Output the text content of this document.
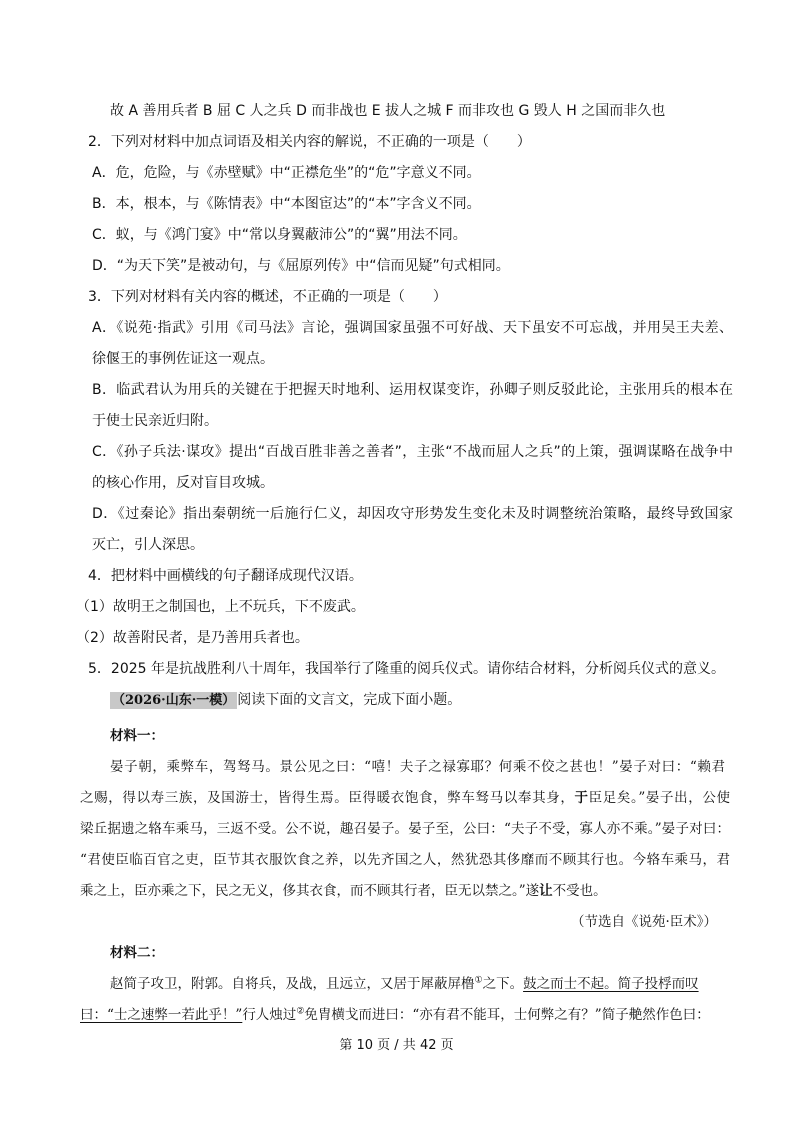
故 A 善用兵者 B 屈 C 人之兵 D 而非战也 E 拔人之城 F 而非攻也 G 毁人 H 之国而非久也
2．下列对材料中加点词语及相关内容的解说，不正确的一项是（　　）
A．危，危险，与《赤壁赋》中“正襟危坐”的“危”字意义不同。
B．本，根本，与《陈情表》中“本图宦达”的“本”字含义不同。
C．蚁，与《鸿门宴》中“常以身翼蔽沛公”的“翼”用法不同。
D．“为天下笑”是被动句，与《屈原列传》中“信而见疑”句式相同。
3．下列对材料有关内容的概述，不正确的一项是（　　）
A．《说苑·指武》引用《司马法》言论，强调国家虽强不可好战、天下虽安不可忘战，并用吴王夫差、
徐偃王的事例佐证这一观点。
B．临武君认为用兵的关键在于把握天时地利、运用权谋变诈，孙卿子则反驳此论，主张用兵的根本在
于使士民亲近归附。
C．《孙子兵法·谋攻》提出“百战百胜非善之善者”，主张“不战而屈人之兵”的上策，强调谋略在战争中
的核心作用，反对盲目攻城。
D．《过秦论》指出秦朝统一后施行仁义，却因攻守形势发生变化未及时调整统治策略，最终导致国家
灭亡，引人深思。
4．把材料中画横线的句子翻译成现代汉语。
（1）故明王之制国也，上不玩兵，下不废武。
（2）故善附民者，是乃善用兵者也。
5．2025 年是抗战胜利八十周年，我国举行了隆重的阅兵仪式。请你结合材料，分析阅兵仪式的意义。
（2026·山东·一模） 阅读下面的文言文，完成下面小题。
材料一：
晏子朝，乘弊车，驾驽马。景公见之曰：“嘻！夫子之禄寡耶？何乘不佼之甚也！”晏子对曰：“赖君
之赐，得以寿三族，及国游士，皆得生焉。臣得暖衣饱食，弊车驽马以奉其身，于臣足矣。”晏子出，公使
梁丘据遗之辂车乘马，三返不受。公不说，趣召晏子。晏子至，公曰：“夫子不受，寡人亦不乘。”晏子对曰：
“君使臣临百官之吏，臣节其衣服饮食之养，以先齐国之人，然犹恐其侈靡而不顾其行也。今辂车乘马，君
乘之上，臣亦乘之下，民之无义，侈其衣食，而不顾其行者，臣无以禁之。”遂让不受也。
（节选自《说苑·臣术》）
材料二：
赵简子攻卫，附郭。自将兵，及战，且远立，又居于犀蔽屏橹①之下。鼓之而士不起。简子投桴而叹
曰：“士之速弊一若此乎！”行人烛过②免胄横戈而进曰：“亦有君不能耳，士何弊之有？”简子艴然作色曰：
第 10 页 / 共 42 页
